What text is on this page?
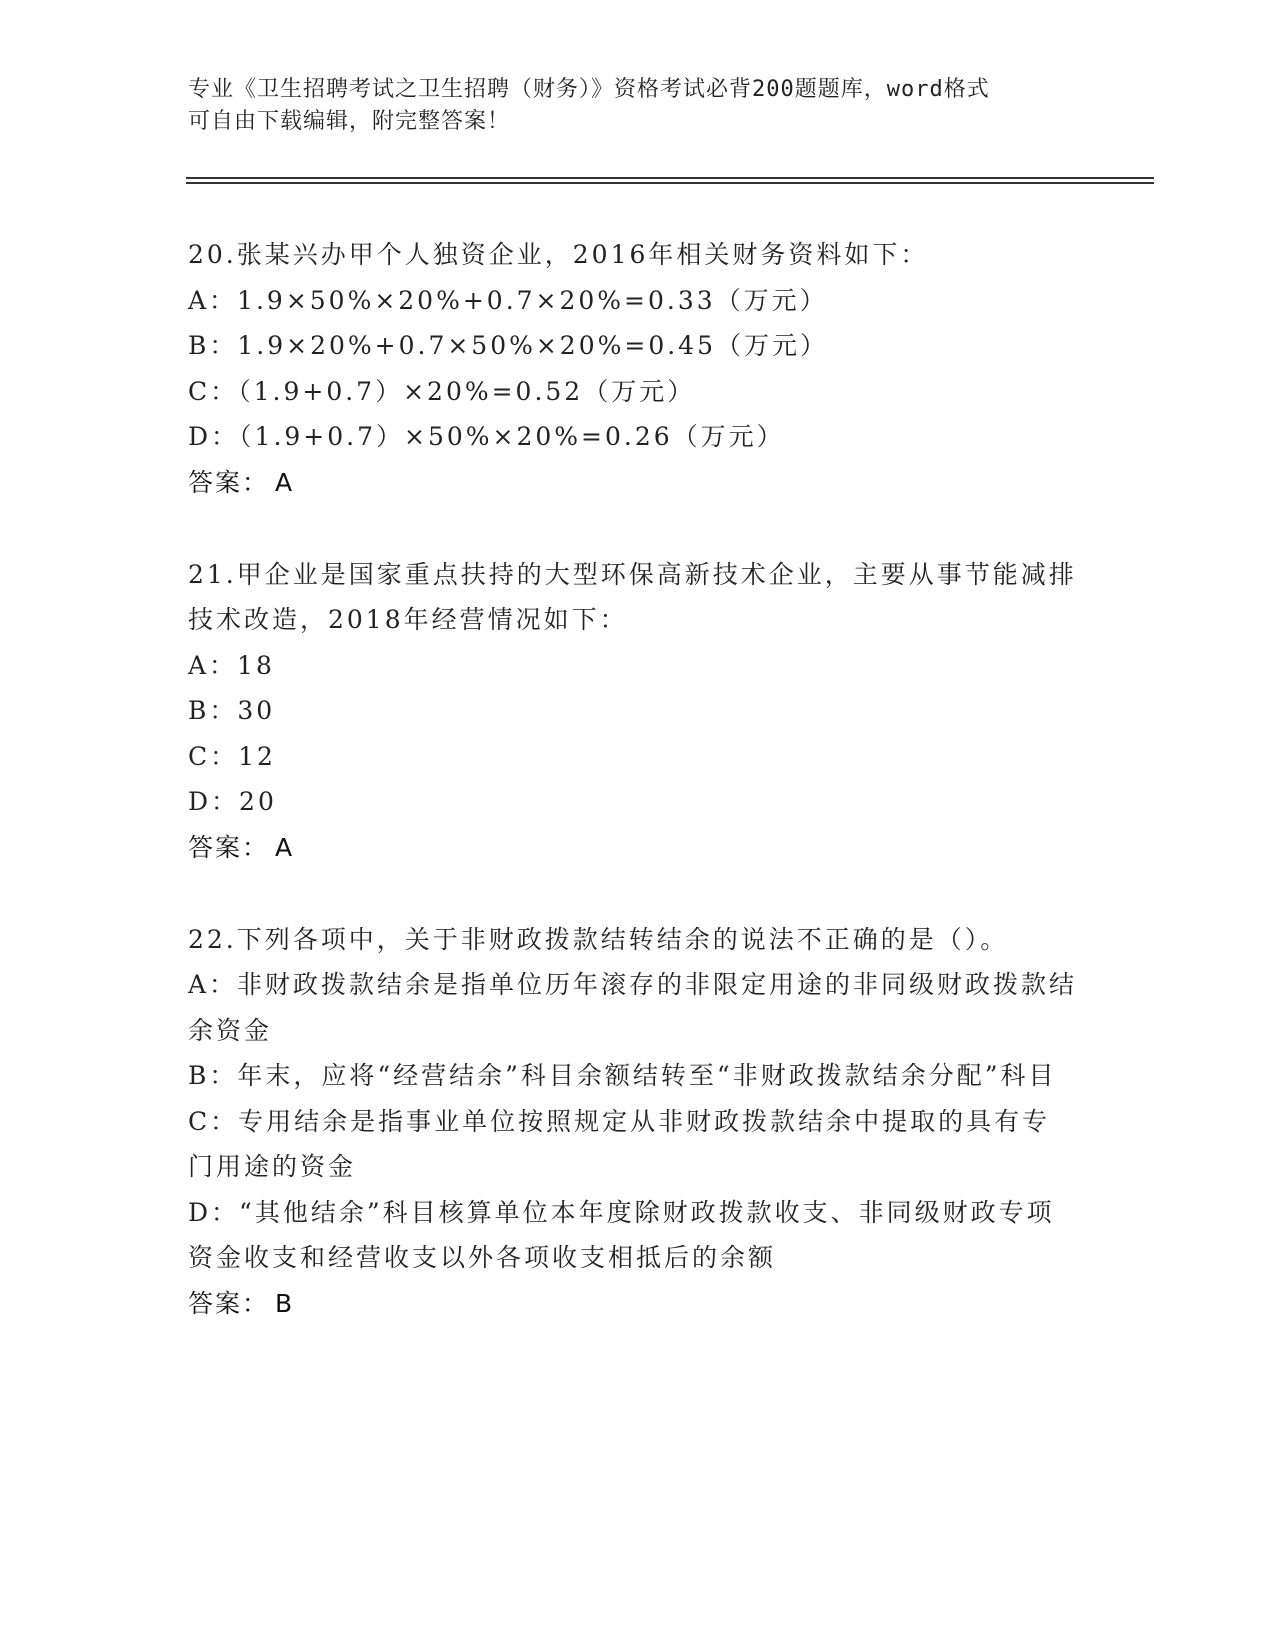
专业《卫生招聘考试之卫生招聘（财务）》资格考试必背200题题库，word格式
可自由下载编辑，附完整答案！
20.张某兴办甲个人独资企业，2016年相关财务资料如下：
A：1.9×50%×20%+0.7×20%=0.33（万元）
B：1.9×20%+0.7×50%×20%=0.45（万元）
C：（1.9+0.7）×20%=0.52（万元）
D：（1.9+0.7）×50%×20%=0.26（万元）
答案： A
21.甲企业是国家重点扶持的大型环保高新技术企业，主要从事节能减排技术改造，2018年经营情况如下：
A：18
B：30
C：12
D：20
答案： A
22.下列各项中，关于非财政拨款结转结余的说法不正确的是（）。
A：非财政拨款结余是指单位历年滚存的非限定用途的非同级财政拨款结余资金
B：年末，应将“经营结余”科目余额结转至“非财政拨款结余分配”科目
C：专用结余是指事业单位按照规定从非财政拨款结余中提取的具有专门用途的资金
D：“其他结余”科目核算单位本年度除财政拨款收支、非同级财政专项资金收支和经营收支以外各项收支相抵后的余额
答案： B
